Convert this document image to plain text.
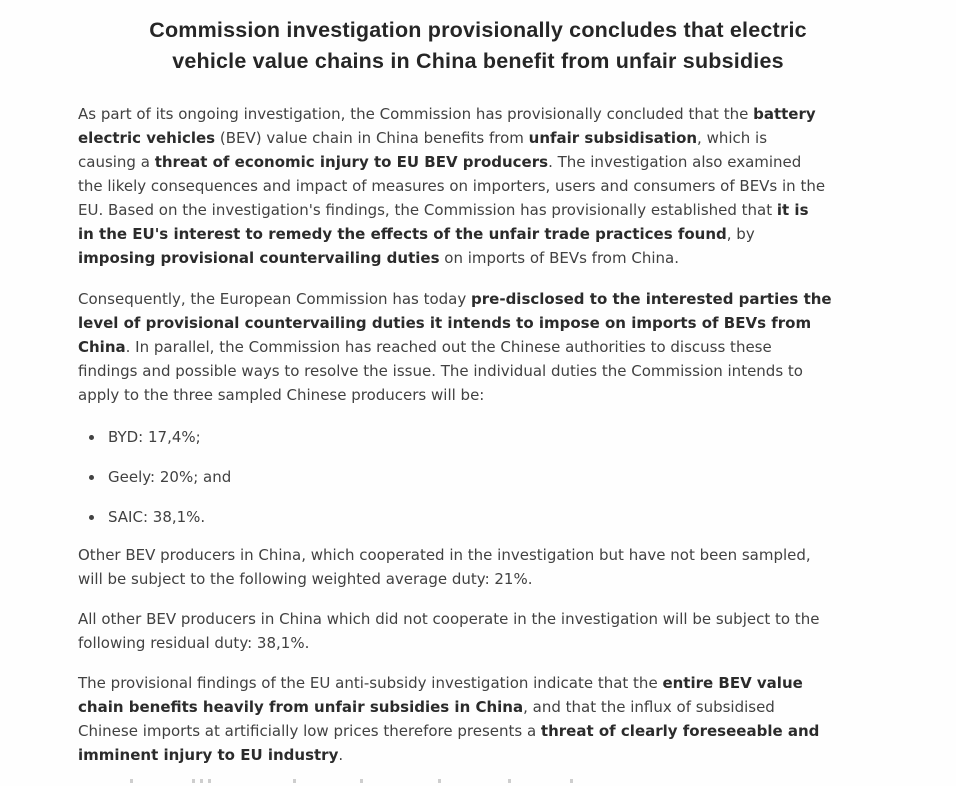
Commission investigation provisionally concludes that electric
vehicle value chains in China benefit from unfair subsidies

As part of its ongoing investigation, the Commission has provisionally concluded that the battery
electric vehicles (BEV) value chain in China benefits from unfair subsidisation, which is
causing a threat of economic injury to EU BEV producers. The investigation also examined
the likely consequences and impact of measures on importers, users and consumers of BEVs in the
EU. Based on the investigation's findings, the Commission has provisionally established that it is
in the EU's interest to remedy the effects of the unfair trade practices found, by
imposing provisional countervailing duties on imports of BEVs from China.

Consequently, the European Commission has today pre-disclosed to the interested parties the
level of provisional countervailing duties it intends to impose on imports of BEVs from
China. In parallel, the Commission has reached out the Chinese authorities to discuss these
findings and possible ways to resolve the issue. The individual duties the Commission intends to
apply to the three sampled Chinese producers will be:

• BYD: 17,4%;
• Geely: 20%; and
• SAIC: 38,1%.

Other BEV producers in China, which cooperated in the investigation but have not been sampled,
will be subject to the following weighted average duty: 21%.

All other BEV producers in China which did not cooperate in the investigation will be subject to the
following residual duty: 38,1%.

The provisional findings of the EU anti-subsidy investigation indicate that the entire BEV value
chain benefits heavily from unfair subsidies in China, and that the influx of subsidised
Chinese imports at artificially low prices therefore presents a threat of clearly foreseeable and
imminent injury to EU industry.
